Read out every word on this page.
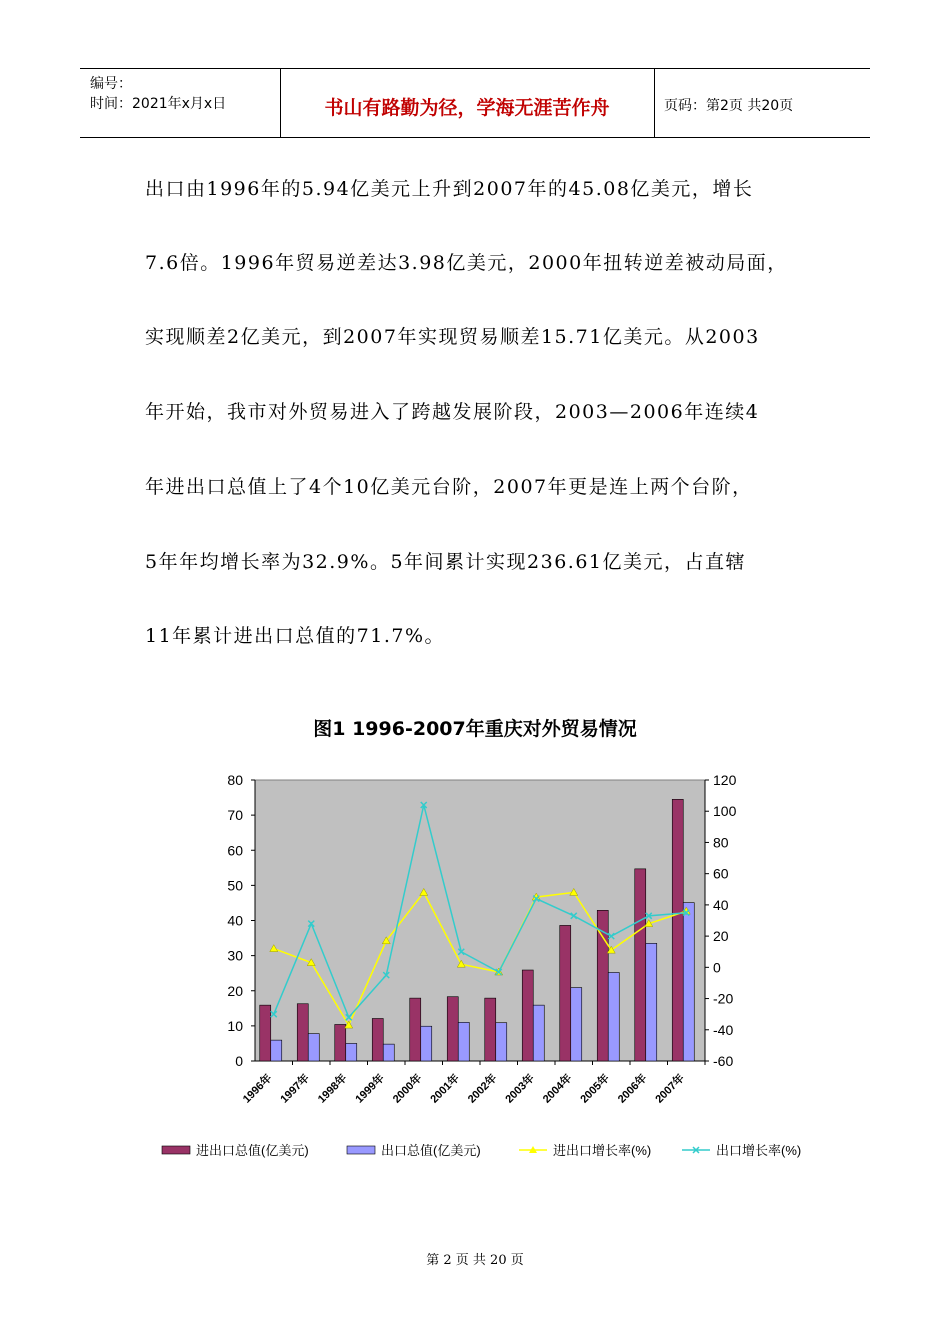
编号：
时间：2021年x月x日	书山有路勤为径，学海无涯苦作舟	页码：第2页 共20页
出口由1996年的5.94亿美元上升到2007年的45.08亿美元，增长
7.6倍。1996年贸易逆差达3.98亿美元，2000年扭转逆差被动局面，
实现顺差2亿美元，到2007年实现贸易顺差15.71亿美元。从2003
年开始，我市对外贸易进入了跨越发展阶段，2003—2006年连续4
年进出口总值上了4个10亿美元台阶，2007年更是连上两个台阶，
5年年均增长率为32.9%。5年间累计实现236.61亿美元，占直辖
11年累计进出口总值的71.7%。
图1 1996-2007年重庆对外贸易情况
0
10
20
30
40
50
60
70
80
-60
-40
-20
0
20
40
60
80
100
120
1996年 1997年 1998年 1999年 2000年 2001年 2002年 2003年 2004年 2005年 2006年 2007年
进出口总值(亿美元)	出口总值(亿美元)	进出口增长率(%)	出口增长率(%)
第 2 页 共 20 页
